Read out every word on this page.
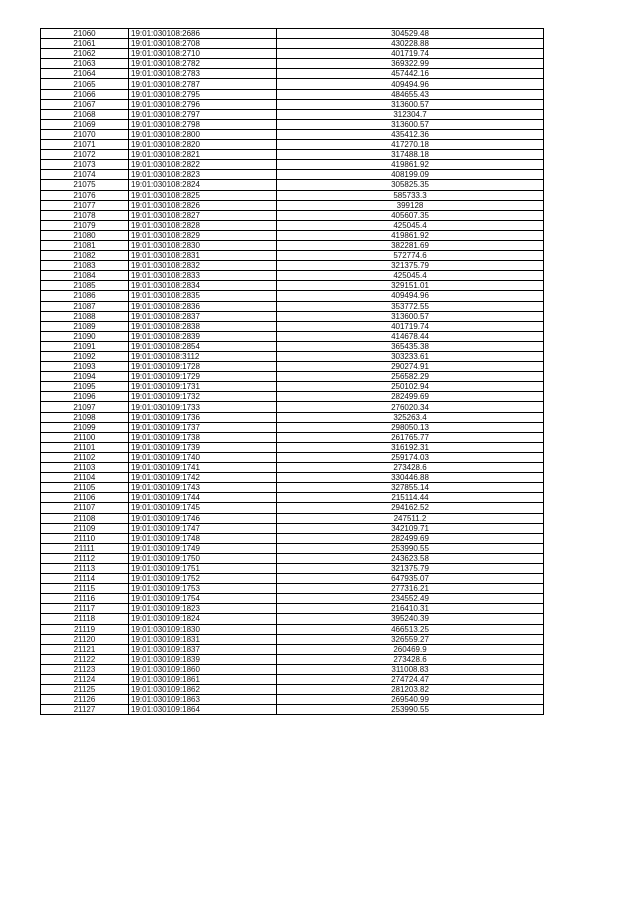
21060	19:01:030108:2686	304529.48
21061	19:01:030108:2708	430228.88
21062	19:01:030108:2710	401719.74
21063	19:01:030108:2782	369322.99
21064	19:01:030108:2783	457442.16
21065	19:01:030108:2787	409494.96
21066	19:01:030108:2795	484655.43
21067	19:01:030108:2796	313600.57
21068	19:01:030108:2797	312304.7
21069	19:01:030108:2798	313600.57
21070	19:01:030108:2800	435412.36
21071	19:01:030108:2820	417270.18
21072	19:01:030108:2821	317488.18
21073	19:01:030108:2822	419861.92
21074	19:01:030108:2823	408199.09
21075	19:01:030108:2824	305825.35
21076	19:01:030108:2825	585733.3
21077	19:01:030108:2826	399128
21078	19:01:030108:2827	405607.35
21079	19:01:030108:2828	425045.4
21080	19:01:030108:2829	419861.92
21081	19:01:030108:2830	382281.69
21082	19:01:030108:2831	572774.6
21083	19:01:030108:2832	321375.79
21084	19:01:030108:2833	425045.4
21085	19:01:030108:2834	329151.01
21086	19:01:030108:2835	409494.96
21087	19:01:030108:2836	353772.55
21088	19:01:030108:2837	313600.57
21089	19:01:030108:2838	401719.74
21090	19:01:030108:2839	414678.44
21091	19:01:030108:2854	365435.38
21092	19:01:030108:3112	303233.61
21093	19:01:030109:1728	290274.91
21094	19:01:030109:1729	256582.29
21095	19:01:030109:1731	250102.94
21096	19:01:030109:1732	282499.69
21097	19:01:030109:1733	276020.34
21098	19:01:030109:1736	325263.4
21099	19:01:030109:1737	298050.13
21100	19:01:030109:1738	261765.77
21101	19:01:030109:1739	316192.31
21102	19:01:030109:1740	259174.03
21103	19:01:030109:1741	273428.6
21104	19:01:030109:1742	330446.88
21105	19:01:030109:1743	327855.14
21106	19:01:030109:1744	215114.44
21107	19:01:030109:1745	294162.52
21108	19:01:030109:1746	247511.2
21109	19:01:030109:1747	342109.71
21110	19:01:030109:1748	282499.69
21111	19:01:030109:1749	253990.55
21112	19:01:030109:1750	243623.58
21113	19:01:030109:1751	321375.79
21114	19:01:030109:1752	647935.07
21115	19:01:030109:1753	277316.21
21116	19:01:030109:1754	234552.49
21117	19:01:030109:1823	216410.31
21118	19:01:030109:1824	395240.39
21119	19:01:030109:1830	466513.25
21120	19:01:030109:1831	326559.27
21121	19:01:030109:1837	260469.9
21122	19:01:030109:1839	273428.6
21123	19:01:030109:1860	311008.83
21124	19:01:030109:1861	274724.47
21125	19:01:030109:1862	281203.82
21126	19:01:030109:1863	269540.99
21127	19:01:030109:1864	253990.55
